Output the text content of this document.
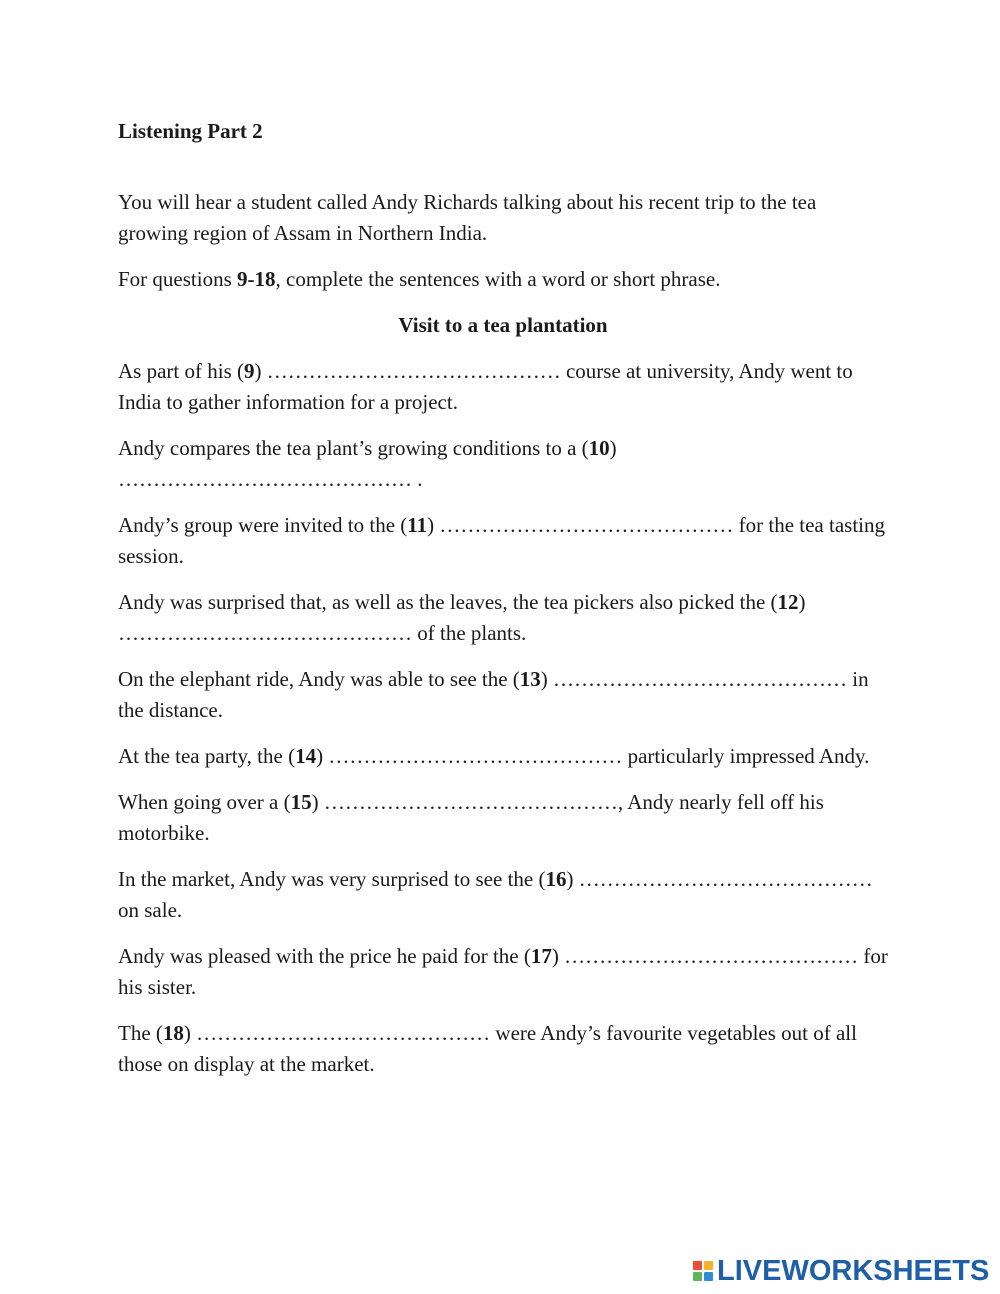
Listening Part 2

You will hear a student called Andy Richards talking about his recent trip to the tea growing region of Assam in Northern India.

For questions 9-18, complete the sentences with a word or short phrase.

Visit to a tea plantation

As part of his (9) …………………………………… course at university, Andy went to India to gather information for a project.

Andy compares the tea plant’s growing conditions to a (10) …………………………………… .

Andy’s group were invited to the (11) …………………………………… for the tea tasting session.

Andy was surprised that, as well as the leaves, the tea pickers also picked the (12) …………………………………… of the plants.

On the elephant ride, Andy was able to see the (13) …………………………………… in the distance.

At the tea party, the (14) …………………………………… particularly impressed Andy.

When going over a (15) ……………………………………, Andy nearly fell off his motorbike.

In the market, Andy was very surprised to see the (16) …………………………………… on sale.

Andy was pleased with the price he paid for the (17) …………………………………… for his sister.

The (18) …………………………………… were Andy’s favourite vegetables out of all those on display at the market.

LIVEWORKSHEETS
